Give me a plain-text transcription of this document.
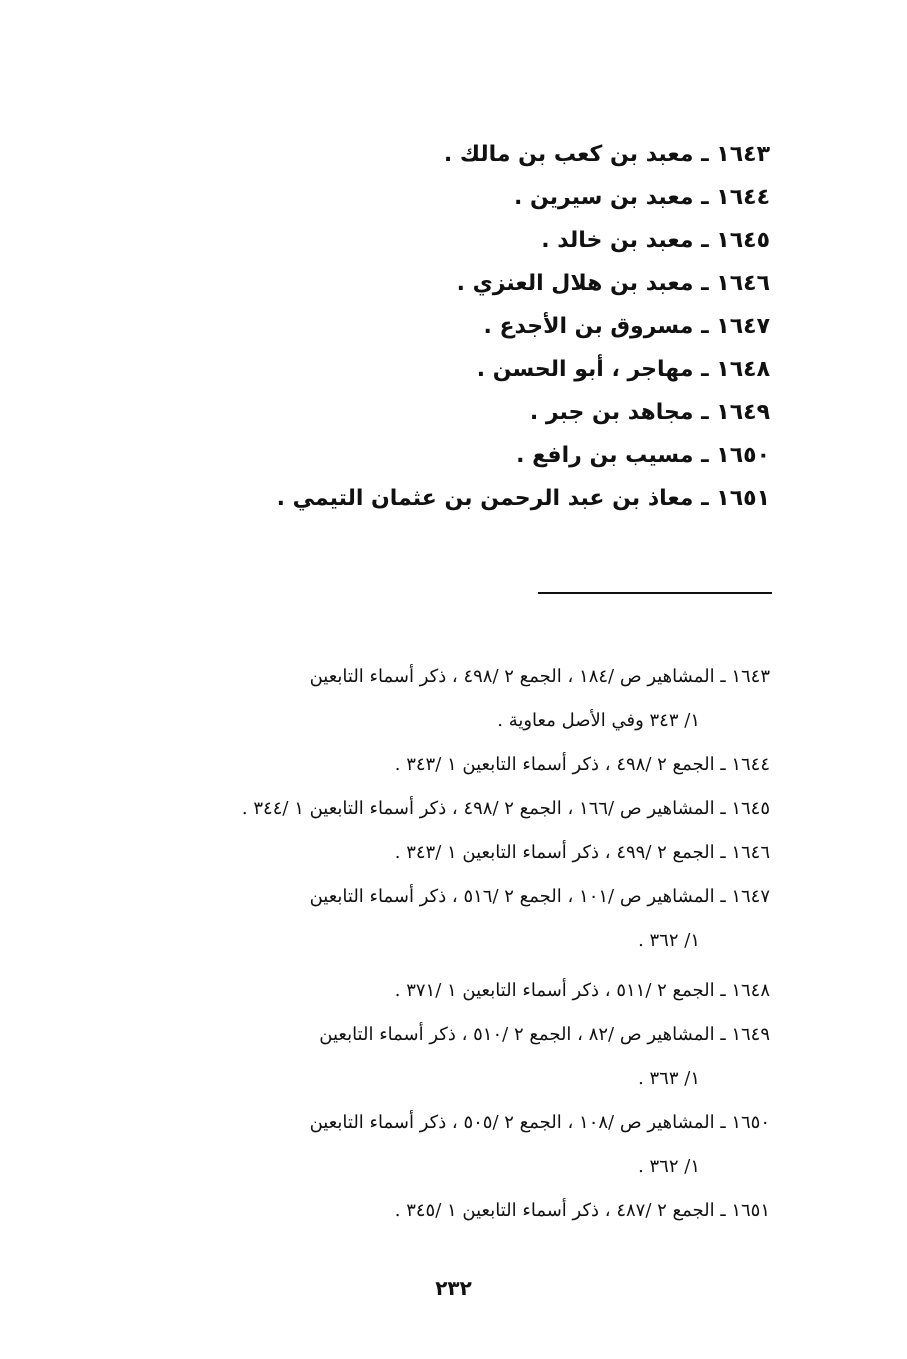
١٦٤٣ ـ معبد بن كعب بن مالك .
١٦٤٤ ـ معبد بن سيرين .
١٦٤٥ ـ معبد بن خالد .
١٦٤٦ ـ معبد بن هلال العنزي .
١٦٤٧ ـ مسروق بن الأجدع .
١٦٤٨ ـ مهاجر ، أبو الحسن .
١٦٤٩ ـ مجاهد بن جبر .
١٦٥٠ ـ مسيب بن رافع .
١٦٥١ ـ معاذ بن عبد الرحمن بن عثمان التيمي .
١٦٤٣ ـ المشاهير ص /١٨٤ ، الجمع ٢ /٤٩٨ ، ذكر أسماء التابعين
١/ ٣٤٣ وفي الأصل معاوية .
١٦٤٤ ـ الجمع ٢ /٤٩٨ ، ذكر أسماء التابعين ١ /٣٤٣ .
١٦٤٥ ـ المشاهير ص /١٦٦ ، الجمع ٢ /٤٩٨ ، ذكر أسماء التابعين ١ /٣٤٤ .
١٦٤٦ ـ الجمع ٢ /٤٩٩ ، ذكر أسماء التابعين ١ /٣٤٣ .
١٦٤٧ ـ المشاهير ص /١٠١ ، الجمع ٢ /٥١٦ ، ذكر أسماء التابعين
١/ ٣٦٢ .
١٦٤٨ ـ الجمع ٢ /٥١١ ، ذكر أسماء التابعين ١ /٣٧١ .
١٦٤٩ ـ المشاهير ص /٨٢ ، الجمع ٢ /٥١٠ ، ذكر أسماء التابعين
١/ ٣٦٣ .
١٦٥٠ ـ المشاهير ص /١٠٨ ، الجمع ٢ /٥٠٥ ، ذكر أسماء التابعين
١/ ٣٦٢ .
١٦٥١ ـ الجمع ٢ /٤٨٧ ، ذكر أسماء التابعين ١ /٣٤٥ .
٢٣٢
